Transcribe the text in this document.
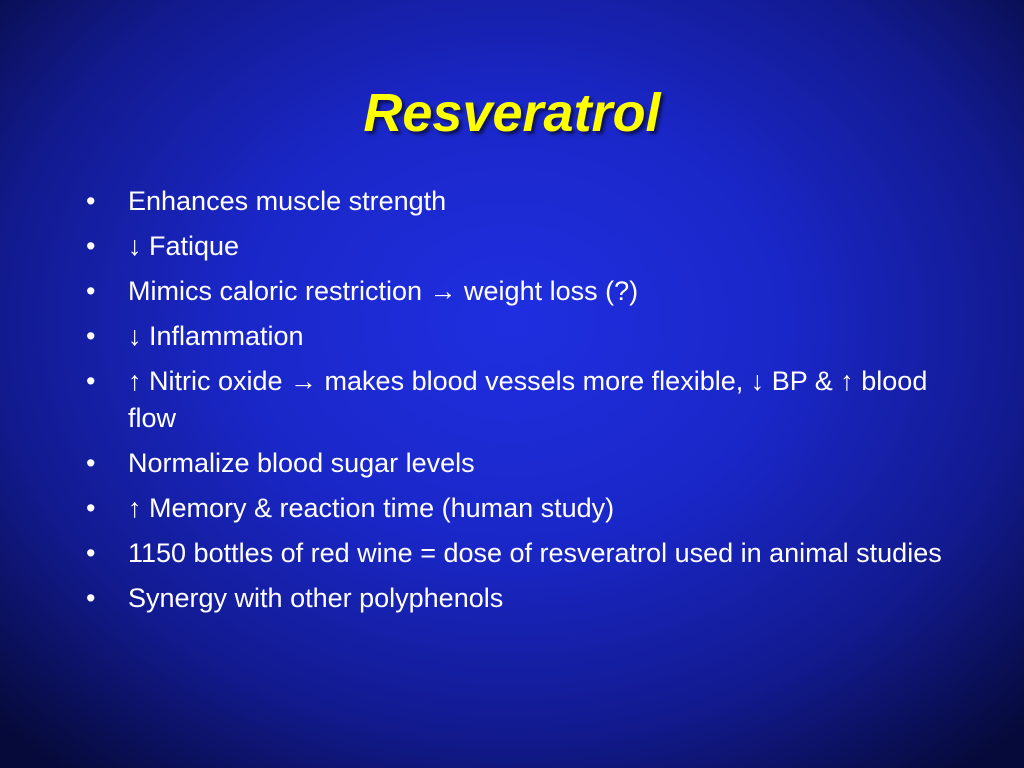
Resveratrol
•	Enhances muscle strength
•	↓ Fatique
•	Mimics caloric restriction → weight loss (?)
•	↓ Inflammation
•	↑ Nitric oxide → makes blood vessels more flexible, ↓ BP & ↑ blood flow
•	Normalize blood sugar levels
•	↑ Memory & reaction time (human study)
•	1150 bottles of red wine = dose of resveratrol used in animal studies
•	Synergy with other polyphenols
